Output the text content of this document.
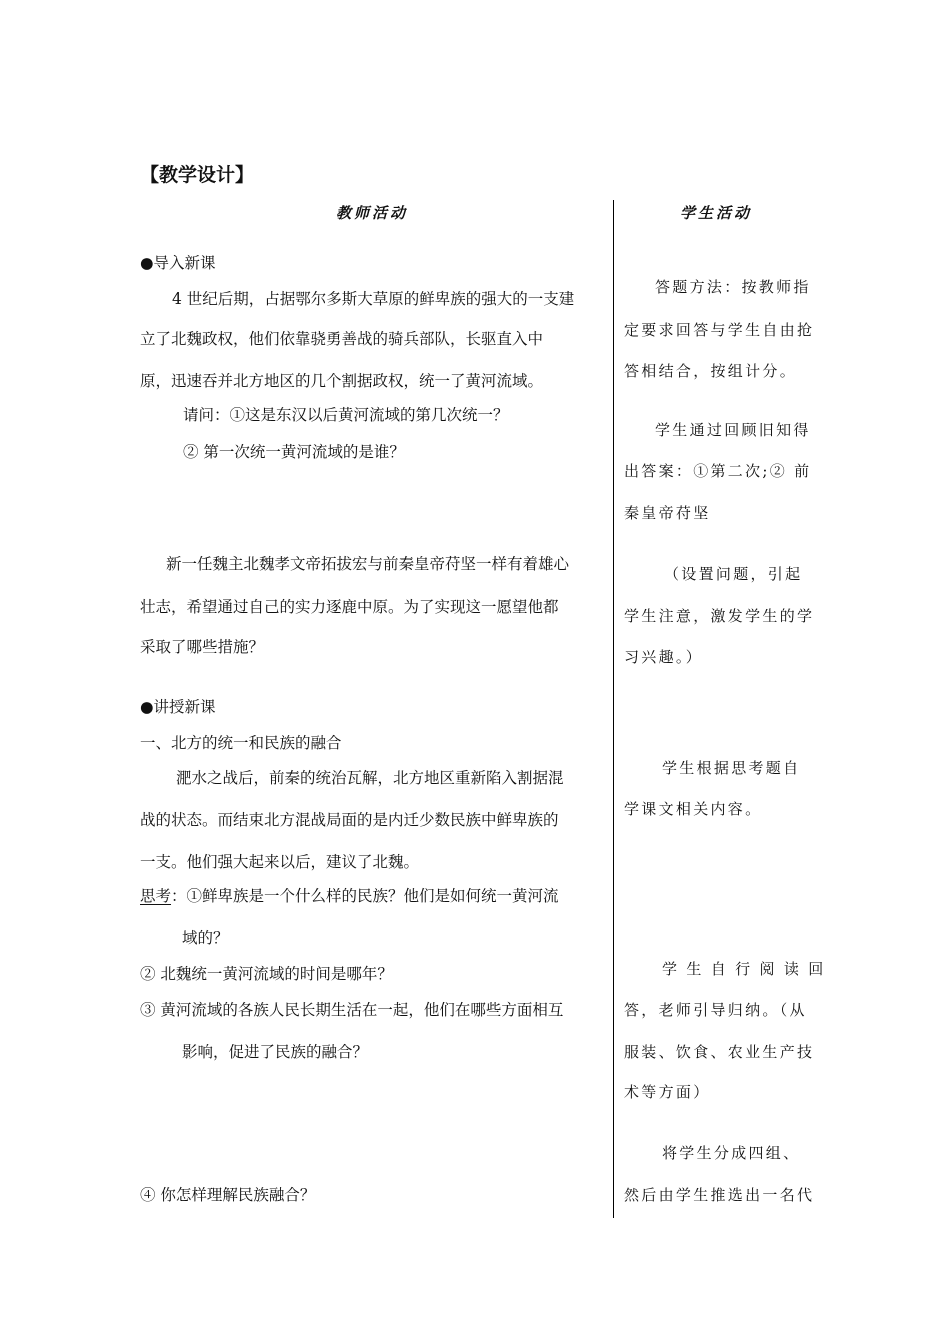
【教学设计】
教师活动	学生活动
●导入新课
4 世纪后期，占据鄂尔多斯大草原的鲜卑族的强大的一支建
立了北魏政权，他们依靠骁勇善战的骑兵部队，长驱直入中
原，迅速吞并北方地区的几个割据政权，统一了黄河流域。
请问：①这是东汉以后黄河流域的第几次统一？
② 第一次统一黄河流域的是谁？
新一任魏主北魏孝文帝拓拔宏与前秦皇帝苻坚一样有着雄心
壮志，希望通过自己的实力逐鹿中原。为了实现这一愿望他都
采取了哪些措施？
●讲授新课
一、北方的统一和民族的融合
淝水之战后，前秦的统治瓦解，北方地区重新陷入割据混
战的状态。而结束北方混战局面的是内迁少数民族中鲜卑族的
一支。他们强大起来以后，建议了北魏。
思考：①鲜卑族是一个什么样的民族？他们是如何统一黄河流
域的？
② 北魏统一黄河流域的时间是哪年？
③ 黄河流域的各族人民长期生活在一起，他们在哪些方面相互
影响，促进了民族的融合？
④ 你怎样理解民族融合？
答题方法：按教师指
定要求回答与学生自由抢
答相结合，按组计分。
学生通过回顾旧知得
出答案：①第二次;② 前
秦皇帝苻坚
（设置问题，引起
学生注意，激发学生的学
习兴趣。）
学生根据思考题自
学课文相关内容。
学 生 自 行 阅 读 回
答，老师引导归纳。（从
服装、饮食、农业生产技
术等方面）
将学生分成四组、
然后由学生推选出一名代
